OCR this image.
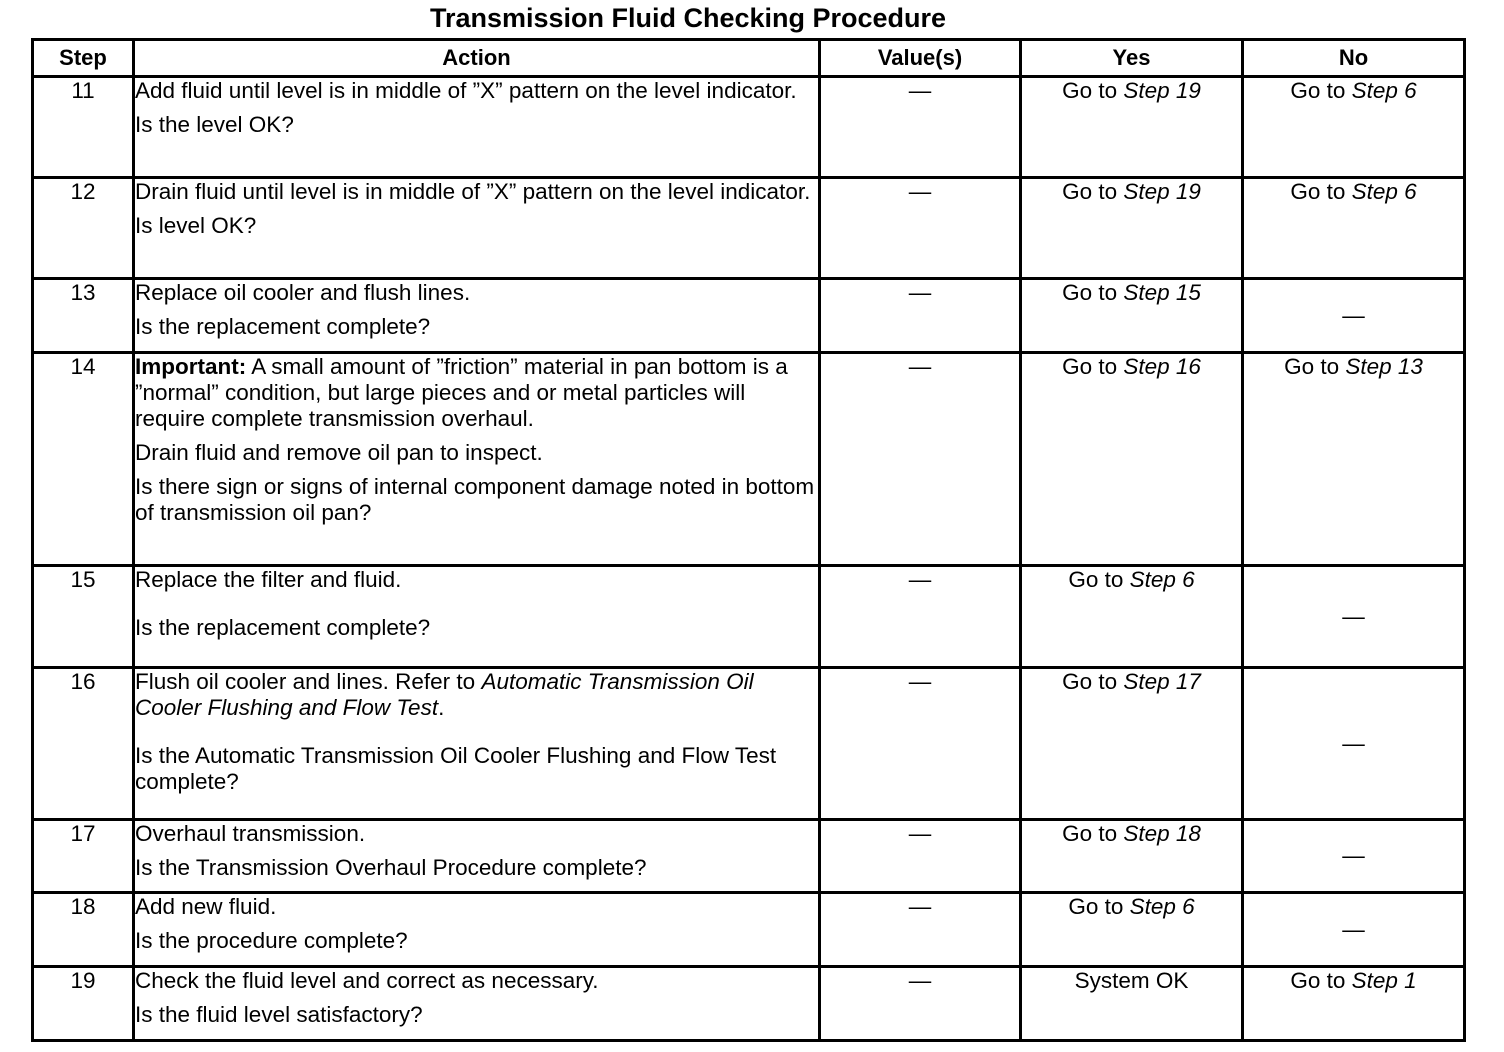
Transmission Fluid Checking Procedure
Step	Action	Value(s)	Yes	No
11	Add fluid until level is in middle of ”X” pattern on the level indicator.

Is the level OK?	—	Go to Step 19	Go to Step 6
12	Drain fluid until level is in middle of ”X” pattern on the level indicator.

Is level OK?	—	Go to Step 19	Go to Step 6
13	Replace oil cooler and flush lines.

Is the replacement complete?	—	Go to Step 15	—
14	Important: A small amount of ”friction” material in pan bottom is a ”normal” condition, but large pieces and or metal particles will require complete transmission overhaul.

Drain fluid and remove oil pan to inspect.

Is there sign or signs of internal component damage noted in bottom of transmission oil pan?	—	Go to Step 16	Go to Step 13
15	Replace the filter and fluid.

Is the replacement complete?	—	Go to Step 6	—
16	Flush oil cooler and lines. Refer to Automatic Transmission Oil Cooler Flushing and Flow Test.

Is the Automatic Transmission Oil Cooler Flushing and Flow Test complete?	—	Go to Step 17	—
17	Overhaul transmission.

Is the Transmission Overhaul Procedure complete?	—	Go to Step 18	—
18	Add new fluid.

Is the procedure complete?	—	Go to Step 6	—
19	Check the fluid level and correct as necessary.

Is the fluid level satisfactory?	—	System OK	Go to Step 1
